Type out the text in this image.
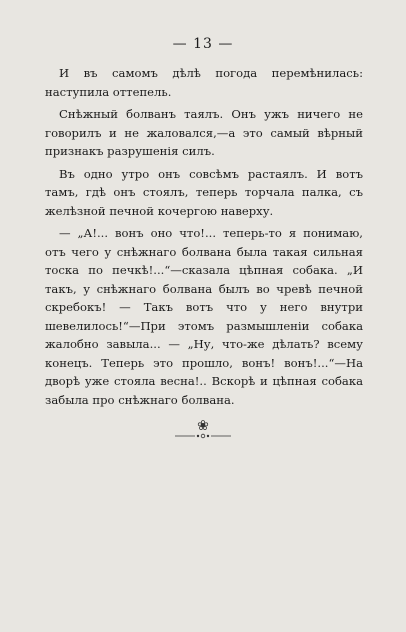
— 13 —

И въ самомъ дѣлѣ погода перемѣнилась: наступила оттепель.

Снѣжный болванъ таялъ. Онъ ужъ ничего не говорилъ и не жаловался,—а это самый вѣрный признакъ разрушенія силъ.

Въ одно утро онъ совсѣмъ растаялъ. И вотъ тамъ, гдѣ онъ стоялъ, теперь торчала палка, съ желѣзной печной кочергою наверху.

— „А!... вонъ оно что!... теперь-то я понимаю, отъ чего у снѣжнаго болвана была такая сильная тоска по печкѣ!...“—сказала цѣпная собака. „И такъ, у снѣжнаго болвана былъ во чревѣ печной скребокъ! — Такъ вотъ что у него внутри шевелилось!“—При этомъ размышленіи собака жалобно завыла... — „Ну, что-же дѣлать? всему конецъ. Теперь это прошло, вонъ! вонъ!...“—На дворѣ уже стояла весна!.. Вскорѣ и цѣпная собака забыла про снѣжнаго болвана.

❀
